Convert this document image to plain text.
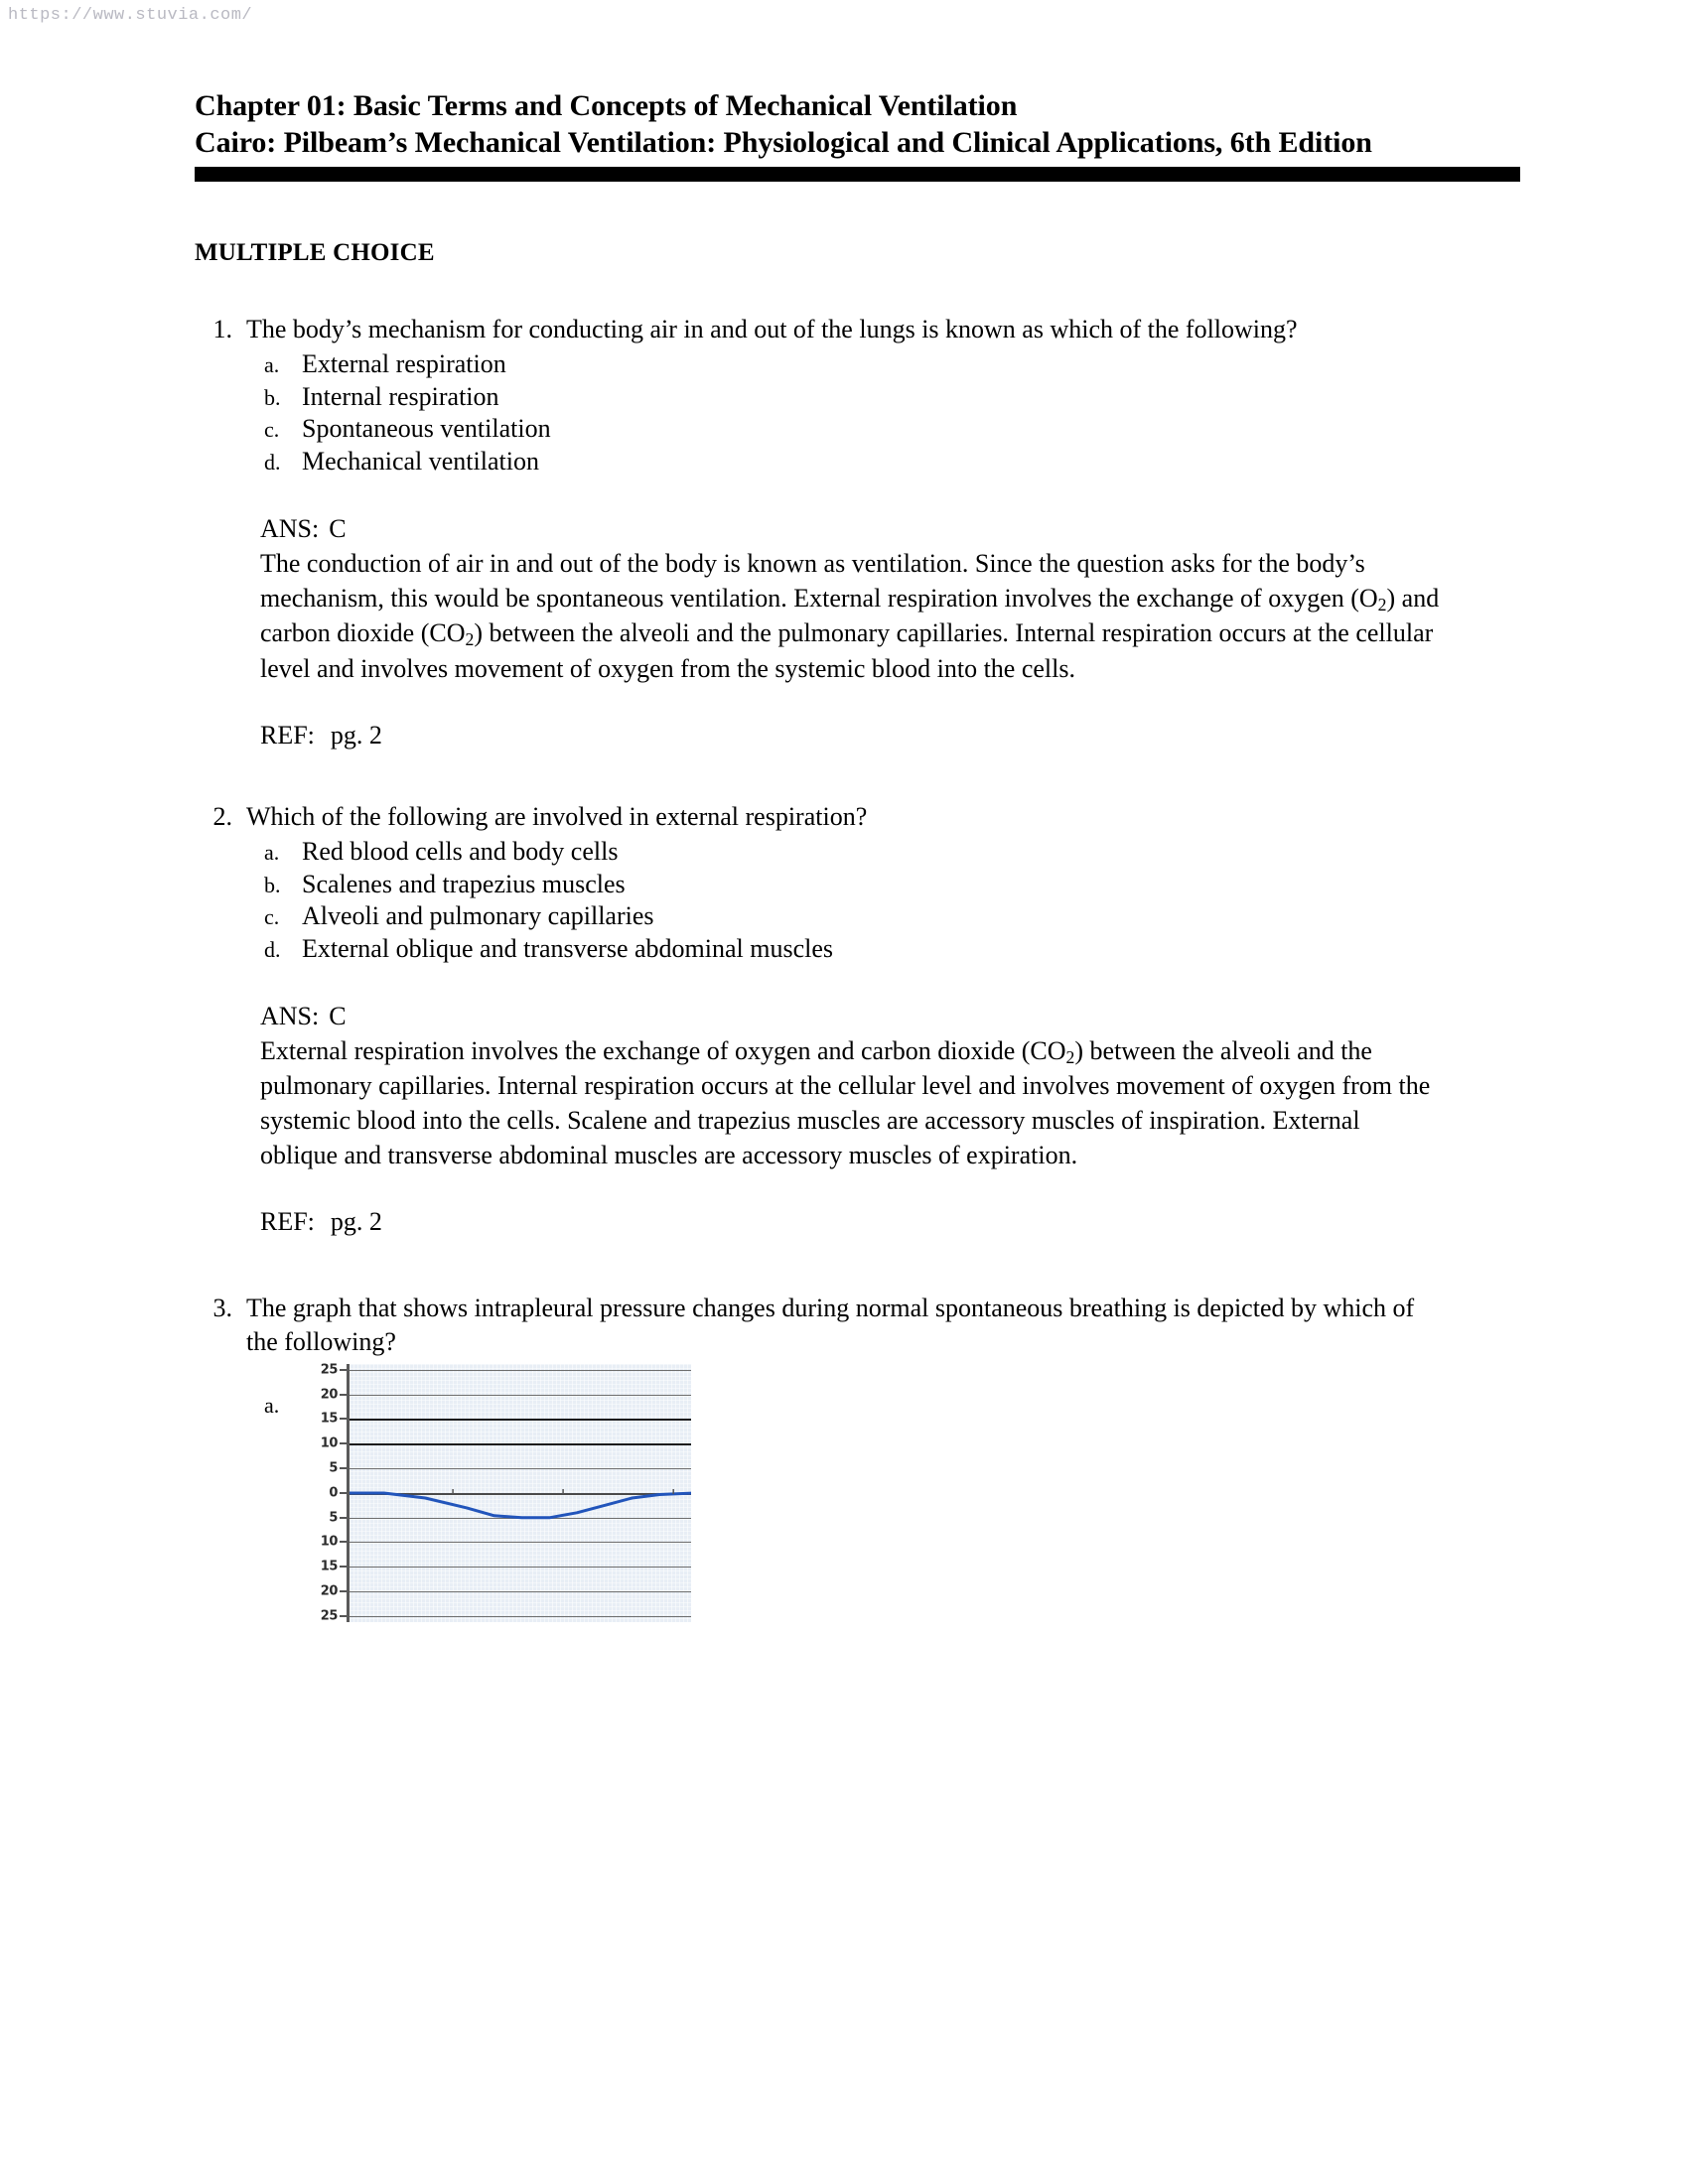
https://www.stuvia.com/
Chapter 01: Basic Terms and Concepts of Mechanical Ventilation
Cairo: Pilbeam’s Mechanical Ventilation: Physiological and Clinical Applications, 6th Edition
MULTIPLE CHOICE
1. The body’s mechanism for conducting air in and out of the lungs is known as which of the following?
a. External respiration
b. Internal respiration
c. Spontaneous ventilation
d. Mechanical ventilation
ANS: C
The conduction of air in and out of the body is known as ventilation. Since the question asks for the body’s mechanism, this would be spontaneous ventilation. External respiration involves the exchange of oxygen $(O_2)$ and carbon dioxide $(CO_2)$ between the alveoli and the pulmonary capillaries. Internal respiration occurs at the cellular level and involves movement of oxygen from the systemic blood into the cells.
REF: pg. 2
2. Which of the following are involved in external respiration?
a. Red blood cells and body cells
b. Scalenes and trapezius muscles
c. Alveoli and pulmonary capillaries
d. External oblique and transverse abdominal muscles
ANS: C
External respiration involves the exchange of oxygen and carbon dioxide $(CO_2)$ between the alveoli and the pulmonary capillaries. Internal respiration occurs at the cellular level and involves movement of oxygen from the systemic blood into the cells. Scalene and trapezius muscles are accessory muscles of inspiration. External oblique and transverse abdominal muscles are accessory muscles of expiration.
REF: pg. 2
3. The graph that shows intrapleural pressure changes during normal spontaneous breathing is depicted by which of the following?
a.
25
20
15
10
5
0
5
10
15
20
25
